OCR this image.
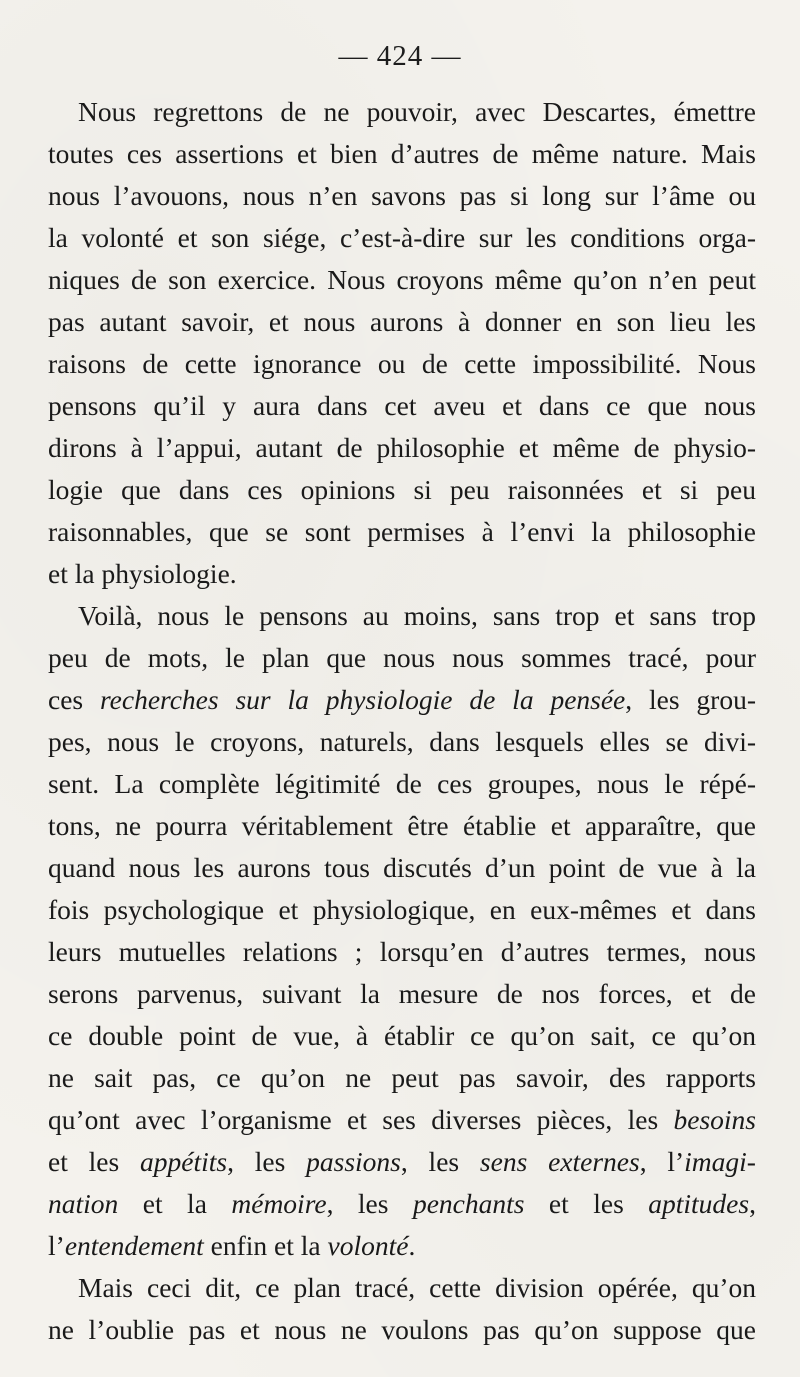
— 424 —
Nous regrettons de ne pouvoir, avec Descartes, émettre
toutes ces assertions et bien d’autres de même nature. Mais
nous l’avouons, nous n’en savons pas si long sur l’âme ou
la volonté et son siége, c’est-à-dire sur les conditions orga-
niques de son exercice. Nous croyons même qu’on n’en peut
pas autant savoir, et nous aurons à donner en son lieu les
raisons de cette ignorance ou de cette impossibilité. Nous
pensons qu’il y aura dans cet aveu et dans ce que nous
dirons à l’appui, autant de philosophie et même de physio-
logie que dans ces opinions si peu raisonnées et si peu
raisonnables, que se sont permises à l’envi la philosophie
et la physiologie.
Voilà, nous le pensons au moins, sans trop et sans trop
peu de mots, le plan que nous nous sommes tracé, pour
ces recherches sur la physiologie de la pensée, les grou-
pes, nous le croyons, naturels, dans lesquels elles se divi-
sent. La complète légitimité de ces groupes, nous le répé-
tons, ne pourra véritablement être établie et apparaître, que
quand nous les aurons tous discutés d’un point de vue à la
fois psychologique et physiologique, en eux-mêmes et dans
leurs mutuelles relations ; lorsqu’en d’autres termes, nous
serons parvenus, suivant la mesure de nos forces, et de
ce double point de vue, à établir ce qu’on sait, ce qu’on
ne sait pas, ce qu’on ne peut pas savoir, des rapports
qu’ont avec l’organisme et ses diverses pièces, les besoins
et les appétits, les passions, les sens externes, l’imagi-
nation et la mémoire, les penchants et les aptitudes,
l’entendement enfin et la volonté.
Mais ceci dit, ce plan tracé, cette division opérée, qu’on
ne l’oublie pas et nous ne voulons pas qu’on suppose que
